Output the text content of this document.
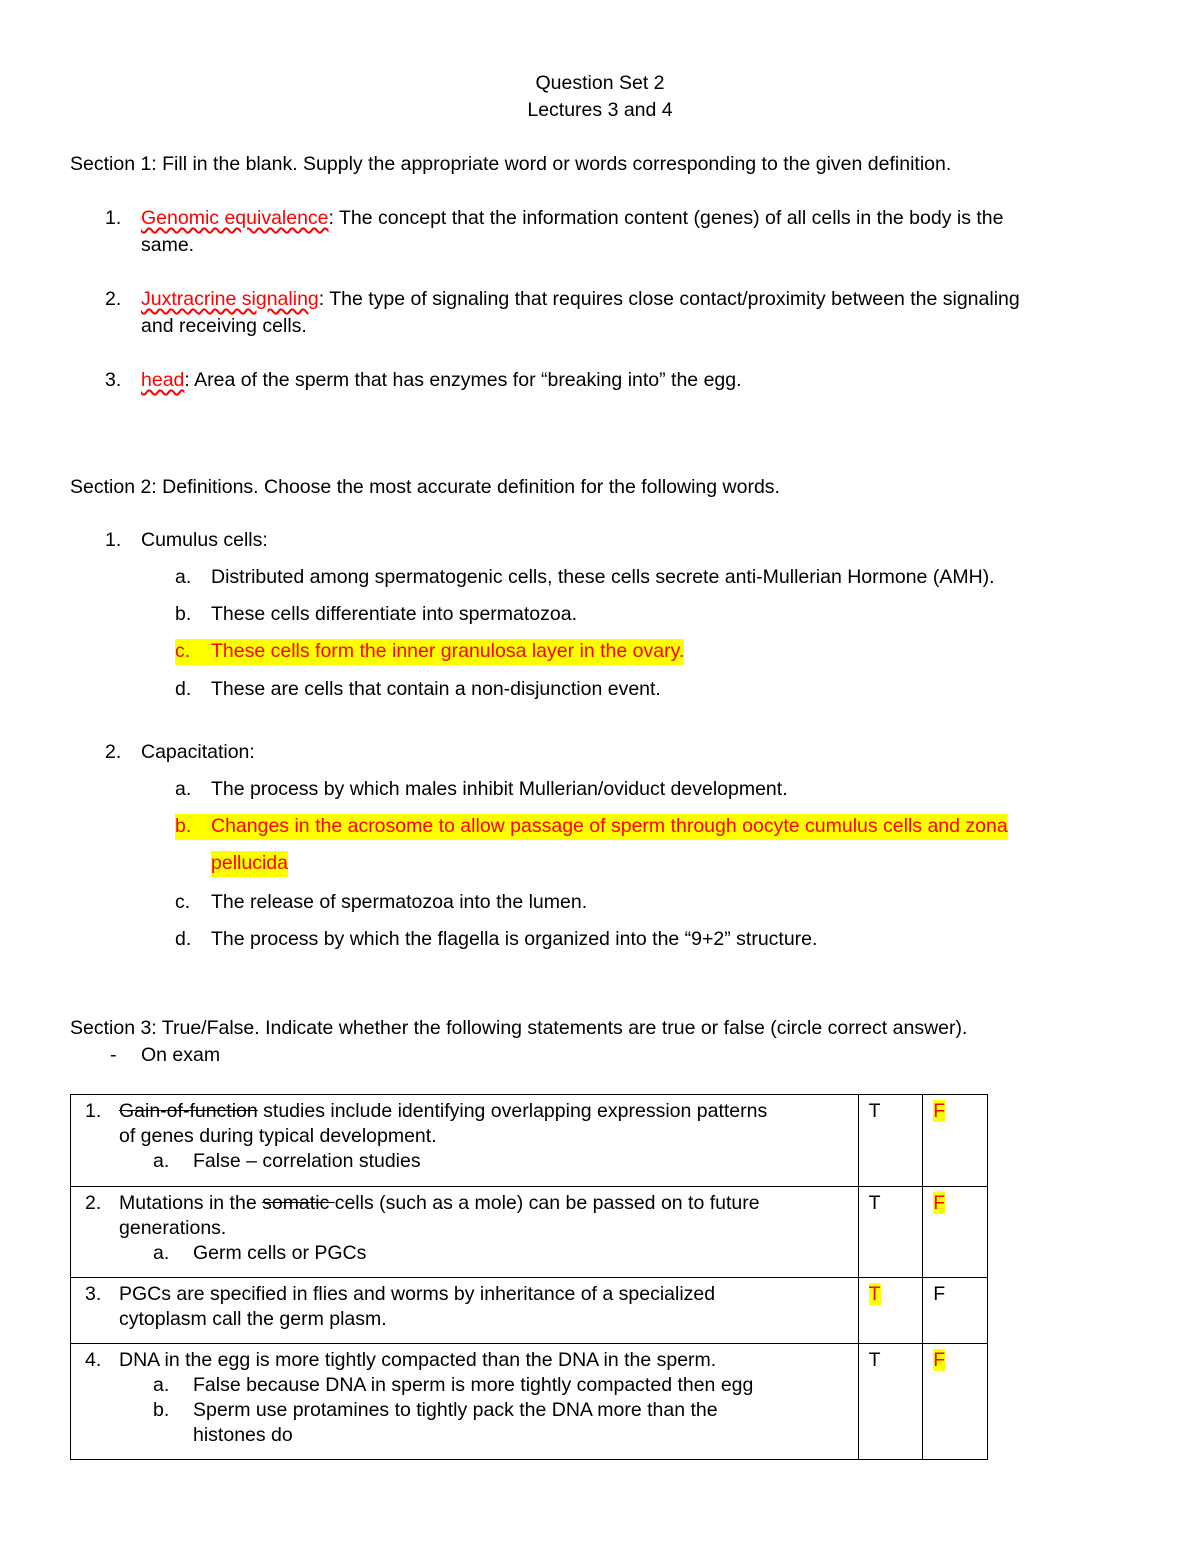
Question Set 2
Lectures 3 and 4
Section 1: Fill in the blank. Supply the appropriate word or words corresponding to the given definition.
1. Genomic equivalence: The concept that the information content (genes) of all cells in the body is the
same.
2. Juxtracrine signaling: The type of signaling that requires close contact/proximity between the signaling
and receiving cells.
3. head: Area of the sperm that has enzymes for “breaking into” the egg.
Section 2: Definitions. Choose the most accurate definition for the following words.
1. Cumulus cells:
a. Distributed among spermatogenic cells, these cells secrete anti-Mullerian Hormone (AMH).
b. These cells differentiate into spermatozoa.
c. These cells form the inner granulosa layer in the ovary.
d. These are cells that contain a non-disjunction event.
2. Capacitation:
a. The process by which males inhibit Mullerian/oviduct development.
b. Changes in the acrosome to allow passage of sperm through oocyte cumulus cells and zona
pellucida
c. The release of spermatozoa into the lumen.
d. The process by which the flagella is organized into the “9+2” structure.
Section 3: True/False. Indicate whether the following statements are true or false (circle correct answer).
- On exam
1. Gain-of-function studies include identifying overlapping expression patterns
of genes during typical development.
a. False – correlation studies	T	F

2. Mutations in the somatic cells (such as a mole) can be passed on to future
generations.
a. Germ cells or PGCs	T	F

3. PGCs are specified in flies and worms by inheritance of a specialized
cytoplasm call the germ plasm.	T	F

4. DNA in the egg is more tightly compacted than the DNA in the sperm.
a. False because DNA in sperm is more tightly compacted then egg
b. Sperm use protamines to tightly pack the DNA more than the
histones do	T	F
